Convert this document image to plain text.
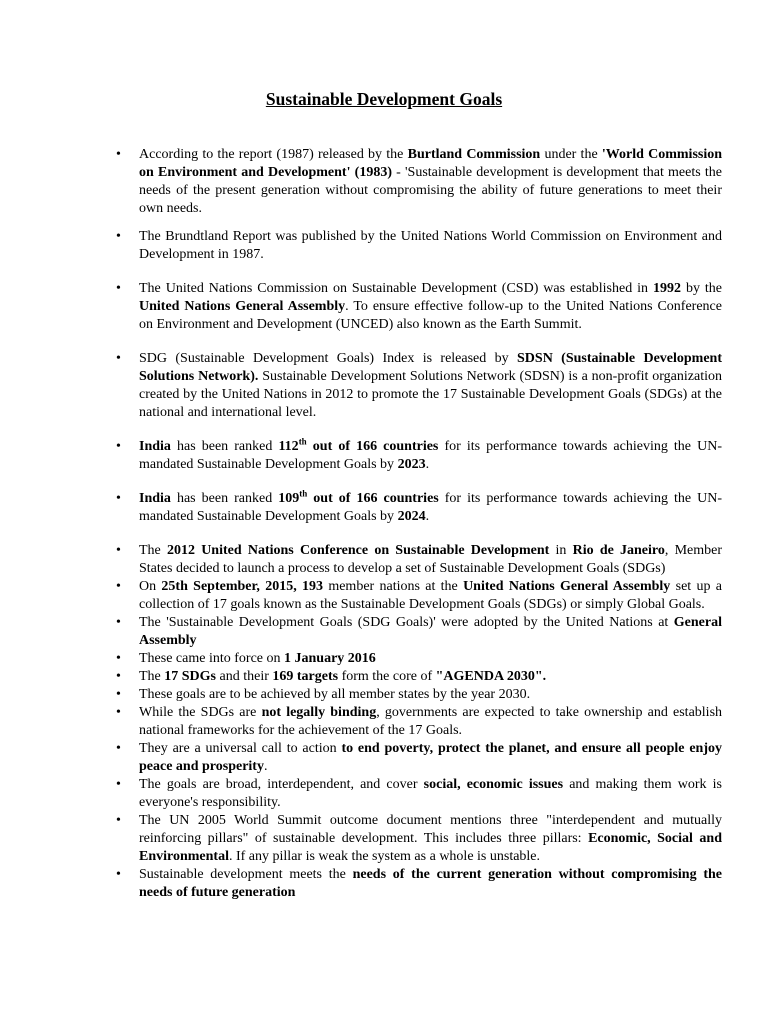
Sustainable Development Goals
• According to the report (1987) released by the Burtland Commission under the 'World Commission on Environment and Development' (1983) - 'Sustainable development is development that meets the needs of the present generation without compromising the ability of future generations to meet their own needs.
• The Brundtland Report was published by the United Nations World Commission on Environment and Development in 1987.
• The United Nations Commission on Sustainable Development (CSD) was established in 1992 by the United Nations General Assembly. To ensure effective follow-up to the United Nations Conference on Environment and Development (UNCED) also known as the Earth Summit.
• SDG (Sustainable Development Goals) Index is released by SDSN (Sustainable Development Solutions Network). Sustainable Development Solutions Network (SDSN) is a non-profit organization created by the United Nations in 2012 to promote the 17 Sustainable Development Goals (SDGs) at the national and international level.
• India has been ranked 112th out of 166 countries for its performance towards achieving the UN-mandated Sustainable Development Goals by 2023.
• India has been ranked 109th out of 166 countries for its performance towards achieving the UN-mandated Sustainable Development Goals by 2024.
• The 2012 United Nations Conference on Sustainable Development in Rio de Janeiro, Member States decided to launch a process to develop a set of Sustainable Development Goals (SDGs)
• On 25th September, 2015, 193 member nations at the United Nations General Assembly set up a collection of 17 goals known as the Sustainable Development Goals (SDGs) or simply Global Goals.
• The 'Sustainable Development Goals (SDG Goals)' were adopted by the United Nations at General Assembly
• These came into force on 1 January 2016
• The 17 SDGs and their 169 targets form the core of "AGENDA 2030".
• These goals are to be achieved by all member states by the year 2030.
• While the SDGs are not legally binding, governments are expected to take ownership and establish national frameworks for the achievement of the 17 Goals.
• They are a universal call to action to end poverty, protect the planet, and ensure all people enjoy peace and prosperity.
• The goals are broad, interdependent, and cover social, economic issues and making them work is everyone's responsibility.
• The UN 2005 World Summit outcome document mentions three "interdependent and mutually reinforcing pillars" of sustainable development. This includes three pillars: Economic, Social and Environmental. If any pillar is weak the system as a whole is unstable.
• Sustainable development meets the needs of the current generation without compromising the needs of future generation
